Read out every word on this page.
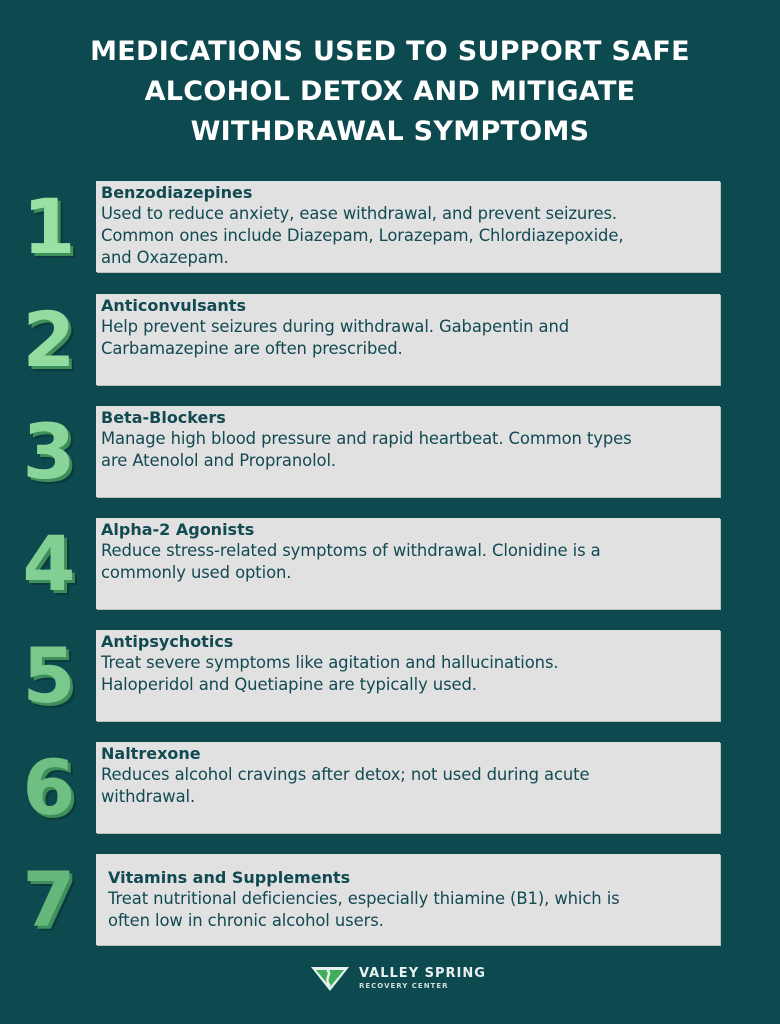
MEDICATIONS USED TO SUPPORT SAFE
ALCOHOL DETOX AND MITIGATE
WITHDRAWAL SYMPTOMS
1	Benzodiazepines
Used to reduce anxiety, ease withdrawal, and prevent seizures.
Common ones include Diazepam, Lorazepam, Chlordiazepoxide,
and Oxazepam.
2	Anticonvulsants
Help prevent seizures during withdrawal. Gabapentin and
Carbamazepine are often prescribed.
3	Beta-Blockers
Manage high blood pressure and rapid heartbeat. Common types
are Atenolol and Propranolol.
4	Alpha-2 Agonists
Reduce stress-related symptoms of withdrawal. Clonidine is a
commonly used option.
5	Antipsychotics
Treat severe symptoms like agitation and hallucinations.
Haloperidol and Quetiapine are typically used.
6	Naltrexone
Reduces alcohol cravings after detox; not used during acute
withdrawal.
7	Vitamins and Supplements
Treat nutritional deficiencies, especially thiamine (B1), which is
often low in chronic alcohol users.
VALLEY SPRING
RECOVERY CENTER
